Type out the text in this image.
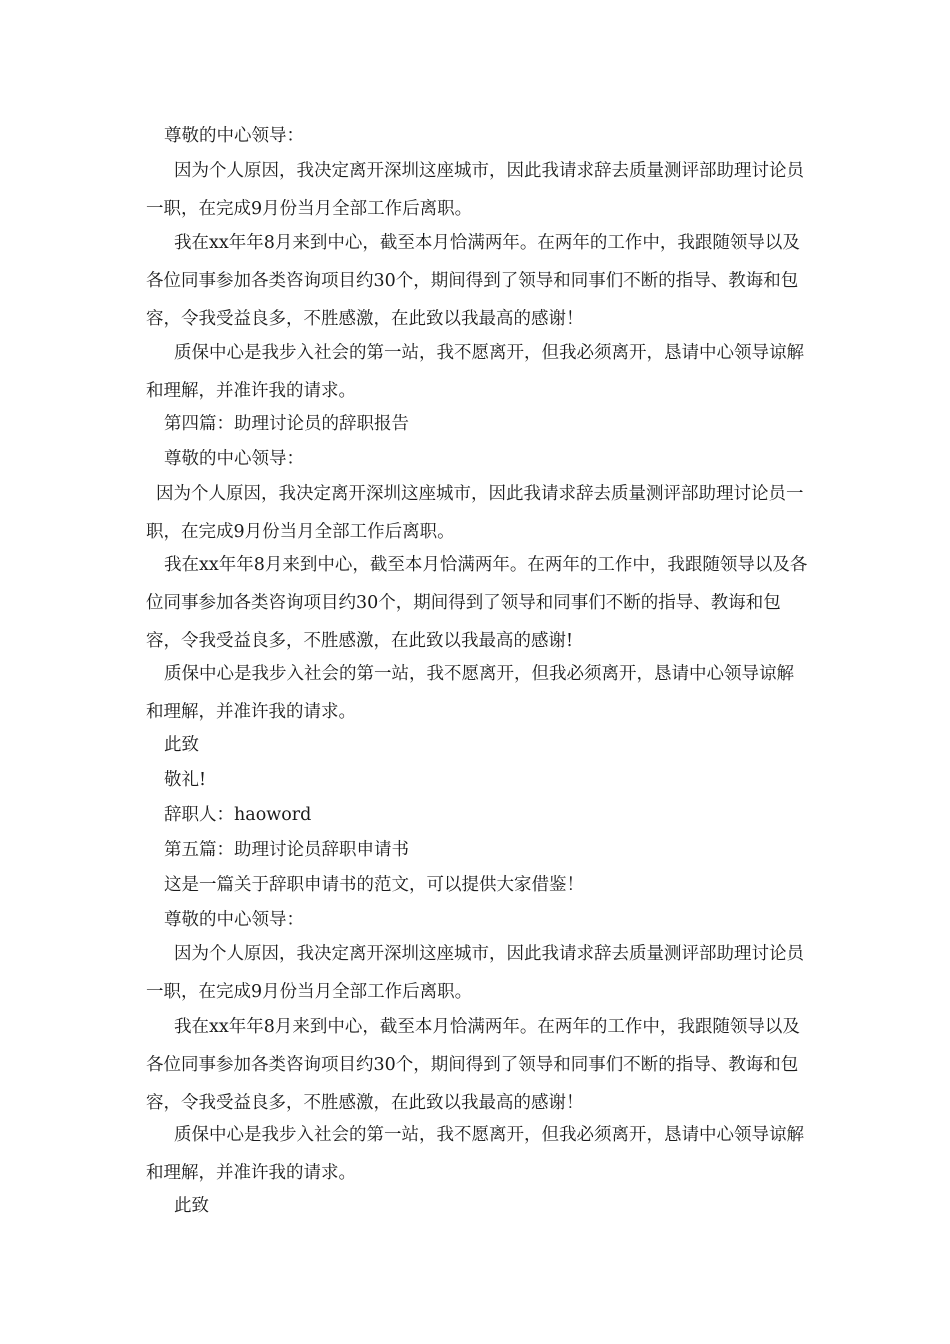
尊敬的中心领导：
因为个人原因，我决定离开深圳这座城市，因此我请求辞去质量测评部助理讨论员一职，在完成9月份当月全部工作后离职。
我在xx年年8月来到中心，截至本月恰满两年。在两年的工作中，我跟随领导以及各位同事参加各类咨询项目约30个，期间得到了领导和同事们不断的指导、教诲和包容，令我受益良多，不胜感激，在此致以我最高的感谢！
质保中心是我步入社会的第一站，我不愿离开，但我必须离开，恳请中心领导谅解和理解，并准许我的请求。
第四篇：助理讨论员的辞职报告
尊敬的中心领导：
因为个人原因，我决定离开深圳这座城市，因此我请求辞去质量测评部助理讨论员一职，在完成9月份当月全部工作后离职。
我在xx年年8月来到中心，截至本月恰满两年。在两年的工作中，我跟随领导以及各位同事参加各类咨询项目约30个，期间得到了领导和同事们不断的指导、教诲和包容，令我受益良多，不胜感激，在此致以我最高的感谢!
质保中心是我步入社会的第一站，我不愿离开，但我必须离开，恳请中心领导谅解和理解，并准许我的请求。
此致
敬礼!
辞职人：haoword
第五篇：助理讨论员辞职申请书
这是一篇关于辞职申请书的范文，可以提供大家借鉴！
尊敬的中心领导：
因为个人原因，我决定离开深圳这座城市，因此我请求辞去质量测评部助理讨论员一职，在完成9月份当月全部工作后离职。
我在xx年年8月来到中心，截至本月恰满两年。在两年的工作中，我跟随领导以及各位同事参加各类咨询项目约30个，期间得到了领导和同事们不断的指导、教诲和包容，令我受益良多，不胜感激，在此致以我最高的感谢！
质保中心是我步入社会的第一站，我不愿离开，但我必须离开，恳请中心领导谅解和理解，并准许我的请求。
此致
